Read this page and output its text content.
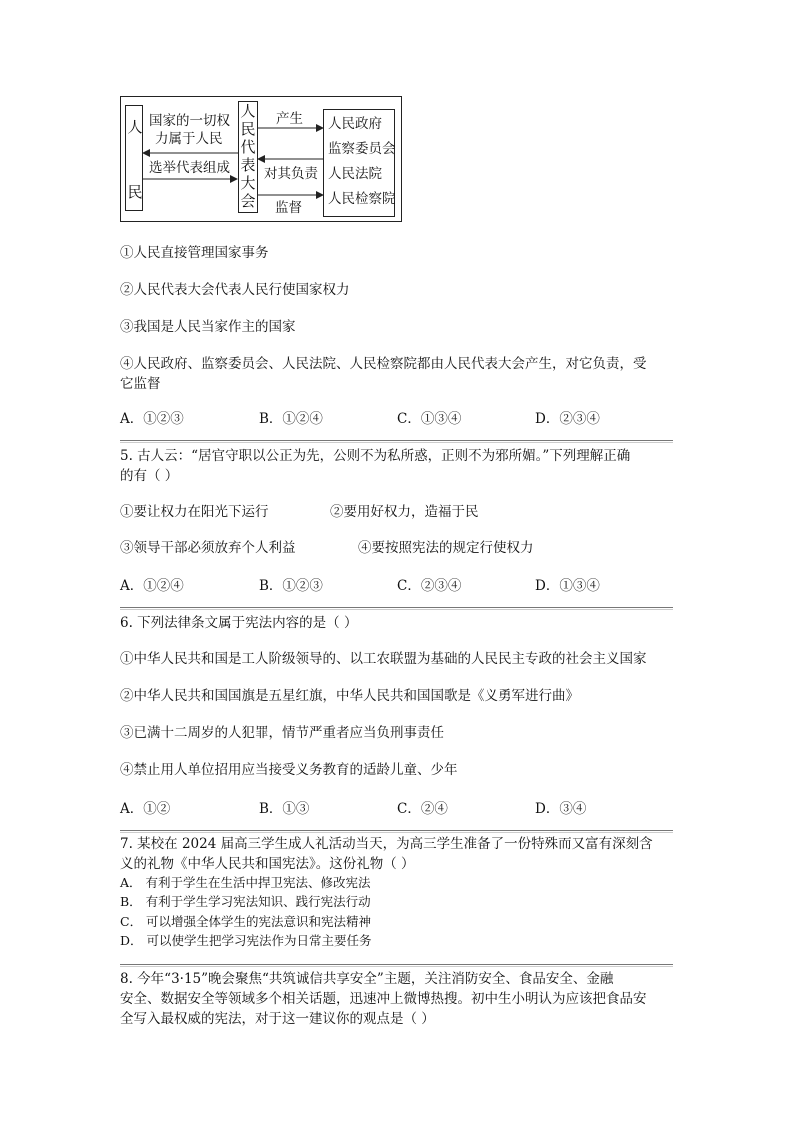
人
民
国家的一切权
力属于人民
选举代表组成
人
民
代
表
大
会
产生
对其负责
监督
人民政府
监察委员会
人民法院
人民检察院
①人民直接管理国家事务
②人民代表大会代表人民行使国家权力
③我国是人民当家作主的国家
④人民政府、监察委员会、人民法院、人民检察院都由人民代表大会产生，对它负责，受
它监督
A．①②③	B．①②④	C．①③④	D．②③④
5. 古人云：“居官守职以公正为先，公则不为私所惑，正则不为邪所媚。”下列理解正确
的有（ ）
①要让权力在阳光下运行	②要用好权力，造福于民
③领导干部必须放弃个人利益	④要按照宪法的规定行使权力
A．①②④	B．①②③	C．②③④	D．①③④
6. 下列法律条文属于宪法内容的是（ ）
①中华人民共和国是工人阶级领导的、以工农联盟为基础的人民民主专政的社会主义国家
②中华人民共和国国旗是五星红旗，中华人民共和国国歌是《义勇军进行曲》
③已满十二周岁的人犯罪，情节严重者应当负刑事责任
④禁止用人单位招用应当接受义务教育的适龄儿童、少年
A．①②	B．①③	C．②④	D．③④
7. 某校在 2024 届高三学生成人礼活动当天，为高三学生准备了一份特殊而又富有深刻含
义的礼物《中华人民共和国宪法》。这份礼物（ ）
A． 有利于学生在生活中捍卫宪法、修改宪法
B． 有利于学生学习宪法知识、践行宪法行动
C． 可以增强全体学生的宪法意识和宪法精神
D． 可以使学生把学习宪法作为日常主要任务
8. 今年“3·15”晚会聚焦“共筑诚信共享安全”主题，关注消防安全、食品安全、金融
安全、数据安全等领域多个相关话题，迅速冲上微博热搜。初中生小明认为应该把食品安
全写入最权威的宪法，对于这一建议你的观点是（ ）
